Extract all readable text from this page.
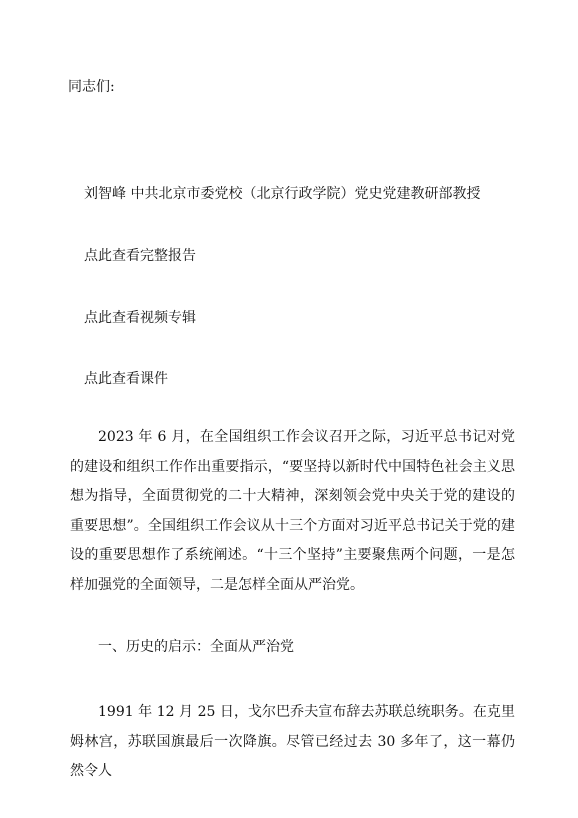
同志们:
刘智峰 中共北京市委党校（北京行政学院）党史党建教研部教授
点此查看完整报告
点此查看视频专辑
点此查看课件
2023 年 6 月，在全国组织工作会议召开之际，习近平总书记对党的建设和组织工作作出重要指示，“要坚持以新时代中国特色社会主义思想为指导，全面贯彻党的二十大精神，深刻领会党中央关于党的建设的重要思想”。全国组织工作会议从十三个方面对习近平总书记关于党的建设的重要思想作了系统阐述。“十三个坚持”主要聚焦两个问题，一是怎样加强党的全面领导，二是怎样全面从严治党。
一、历史的启示：全面从严治党
1991 年 12 月 25 日，戈尔巴乔夫宣布辞去苏联总统职务。在克里姆林宫，苏联国旗最后一次降旗。尽管已经过去 30 多年了，这一幕仍然令人
